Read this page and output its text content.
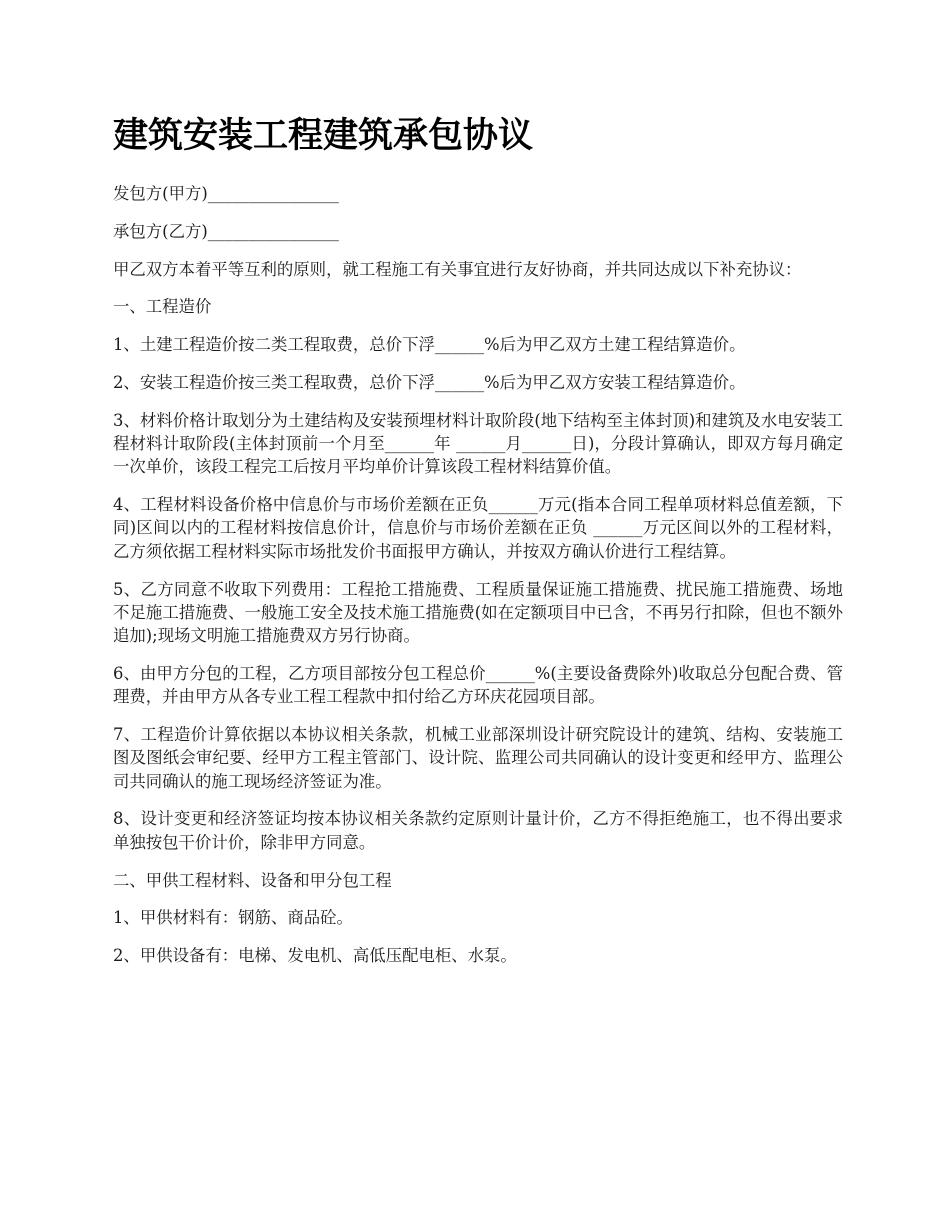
建筑安装工程建筑承包协议

发包方(甲方)________________

承包方(乙方)________________

甲乙双方本着平等互利的原则，就工程施工有关事宜进行友好协商，并共同达成以下补充协议：

一、工程造价

1、土建工程造价按二类工程取费，总价下浮______%后为甲乙双方土建工程结算造价。

2、安装工程造价按三类工程取费，总价下浮______%后为甲乙双方安装工程结算造价。

3、材料价格计取划分为土建结构及安装预埋材料计取阶段(地下结构至主体封顶)和建筑及水电安装工程材料计取阶段(主体封顶前一个月至______年 ______月______日)，分段计算确认，即双方每月确定一次单价，该段工程完工后按月平均单价计算该段工程材料结算价值。

4、工程材料设备价格中信息价与市场价差额在正负______万元(指本合同工程单项材料总值差额，下同)区间以内的工程材料按信息价计，信息价与市场价差额在正负 ______万元区间以外的工程材料，乙方须依据工程材料实际市场批发价书面报甲方确认，并按双方确认价进行工程结算。

5、乙方同意不收取下列费用：工程抢工措施费、工程质量保证施工措施费、扰民施工措施费、场地不足施工措施费、一般施工安全及技术施工措施费(如在定额项目中已含，不再另行扣除，但也不额外追加);现场文明施工措施费双方另行协商。

6、由甲方分包的工程，乙方项目部按分包工程总价______%(主要设备费除外)收取总分包配合费、管理费，并由甲方从各专业工程工程款中扣付给乙方环庆花园项目部。

7、工程造价计算依据以本协议相关条款，机械工业部深圳设计研究院设计的建筑、结构、安装施工图及图纸会审纪要、经甲方工程主管部门、设计院、监理公司共同确认的设计变更和经甲方、监理公司共同确认的施工现场经济签证为准。

8、设计变更和经济签证均按本协议相关条款约定原则计量计价，乙方不得拒绝施工，也不得出要求单独按包干价计价，除非甲方同意。

二、甲供工程材料、设备和甲分包工程

1、甲供材料有：钢筋、商品砼。

2、甲供设备有：电梯、发电机、高低压配电柜、水泵。
